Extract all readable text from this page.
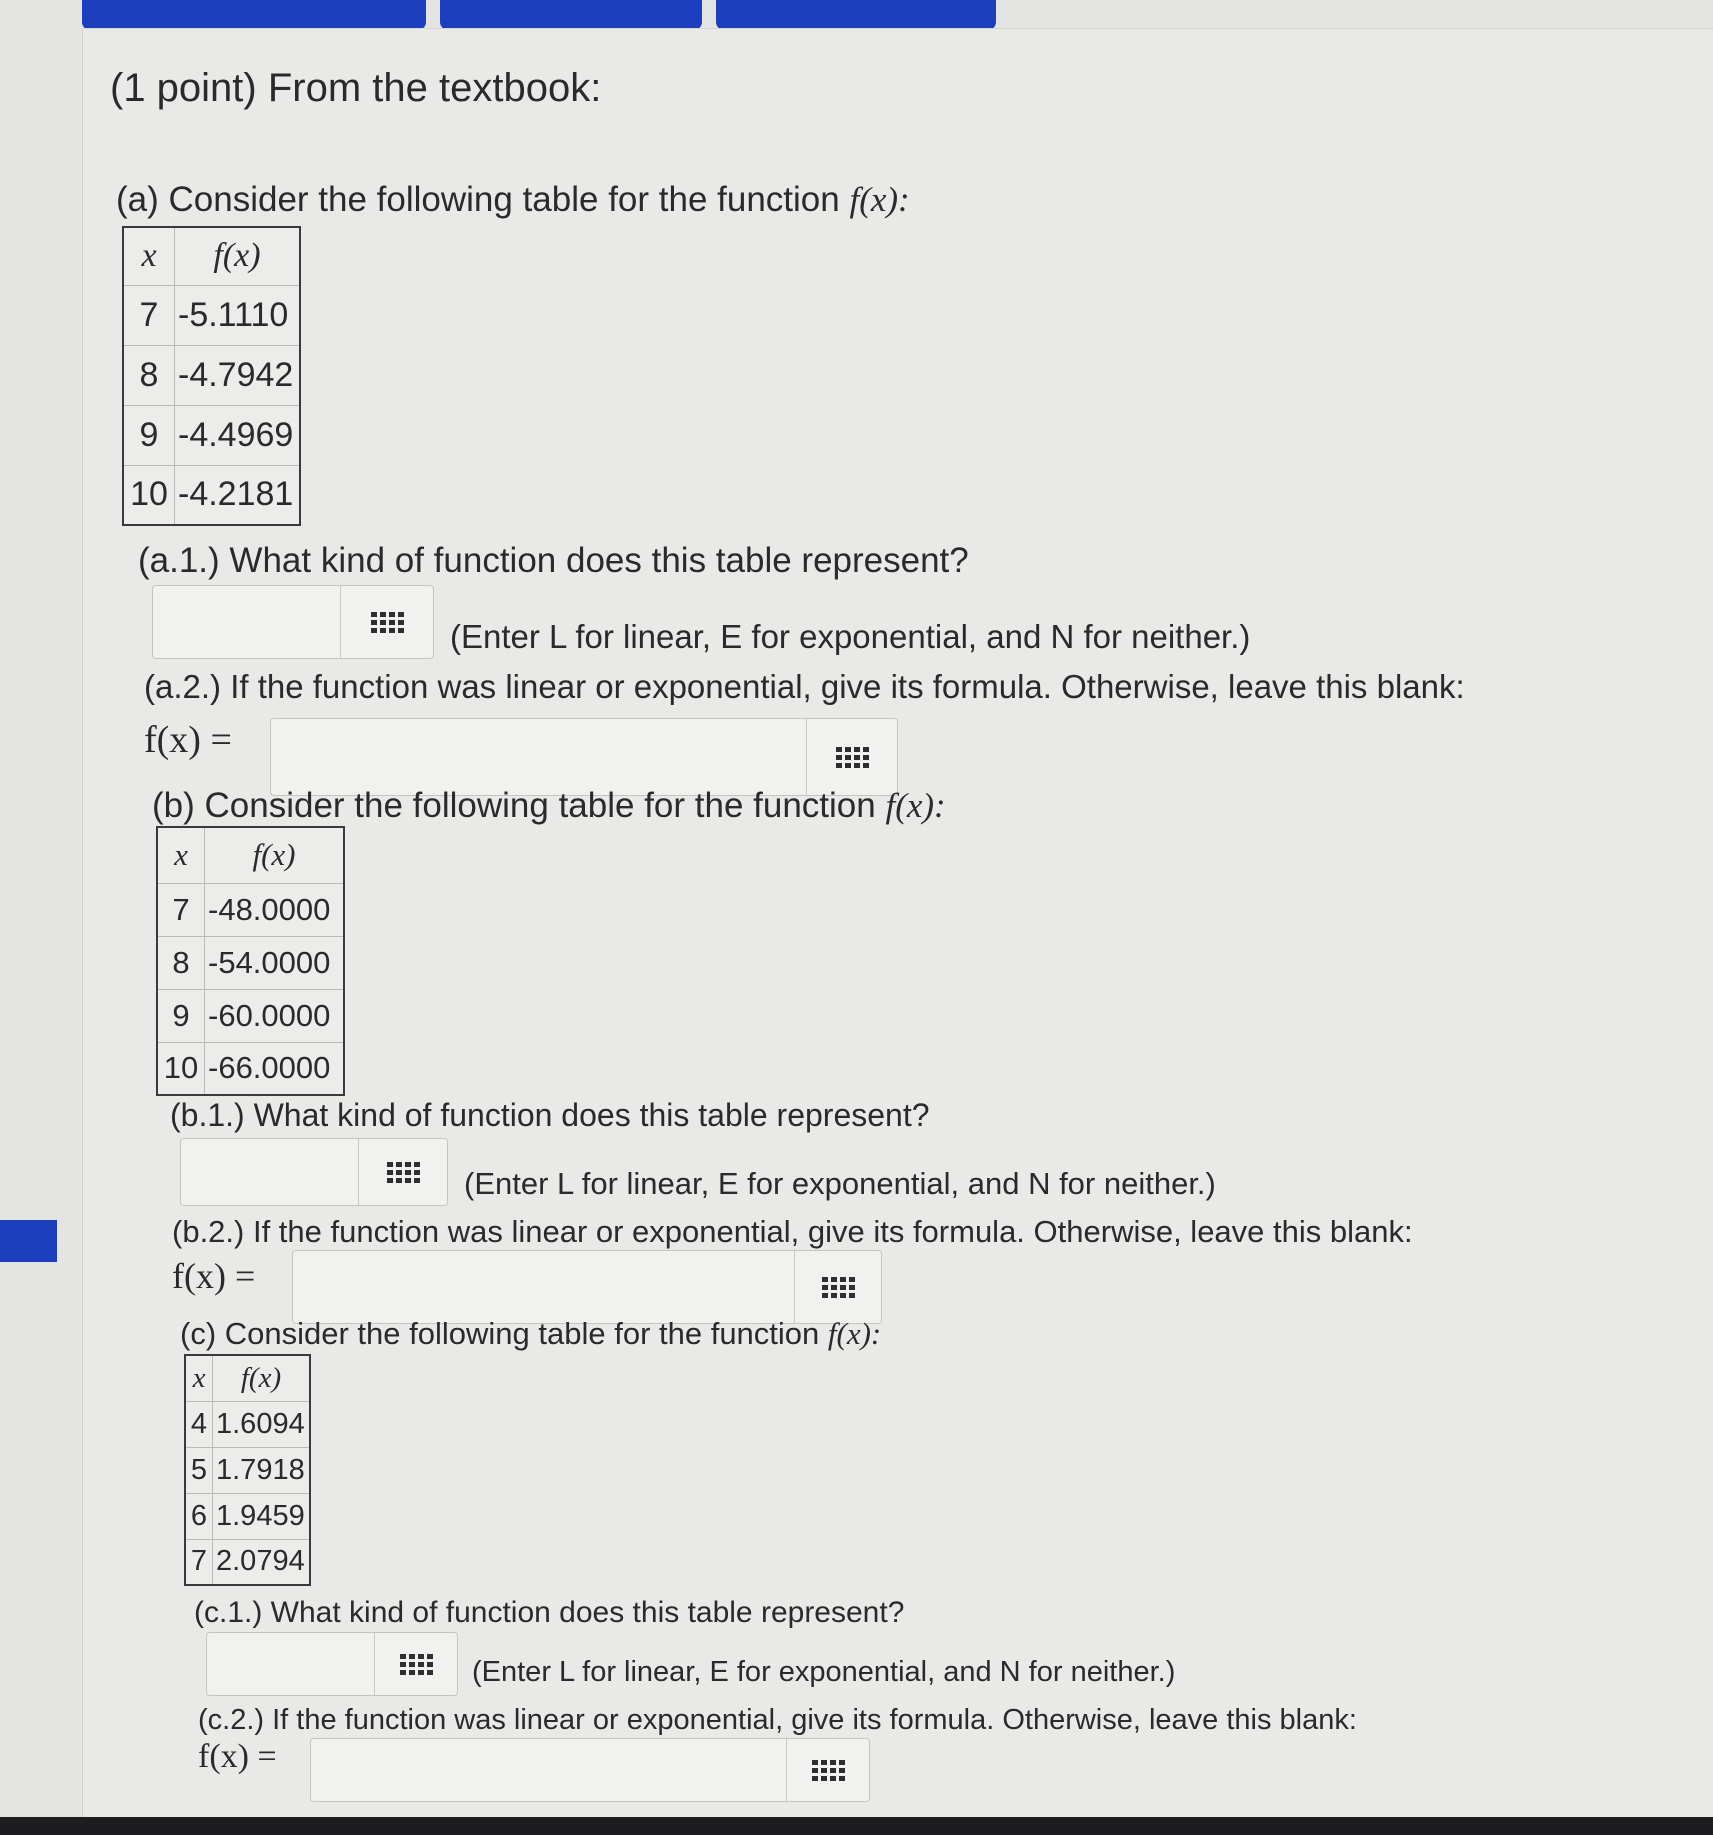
(1 point) From the textbook:
(a) Consider the following table for the function f(x):
x	f(x)
7	-5.1110
8	-4.7942
9	-4.4969
10	-4.2181
(a.1.) What kind of function does this table represent?
(Enter L for linear, E for exponential, and N for neither.)
(a.2.) If the function was linear or exponential, give its formula. Otherwise, leave this blank:
f(x) =
(b) Consider the following table for the function f(x):
x	f(x)
7	-48.0000
8	-54.0000
9	-60.0000
10	-66.0000
(b.1.) What kind of function does this table represent?
(Enter L for linear, E for exponential, and N for neither.)
(b.2.) If the function was linear or exponential, give its formula. Otherwise, leave this blank:
f(x) =
(c) Consider the following table for the function f(x):
x	f(x)
4	1.6094
5	1.7918
6	1.9459
7	2.0794
(c.1.) What kind of function does this table represent?
(Enter L for linear, E for exponential, and N for neither.)
(c.2.) If the function was linear or exponential, give its formula. Otherwise, leave this blank:
f(x) =
